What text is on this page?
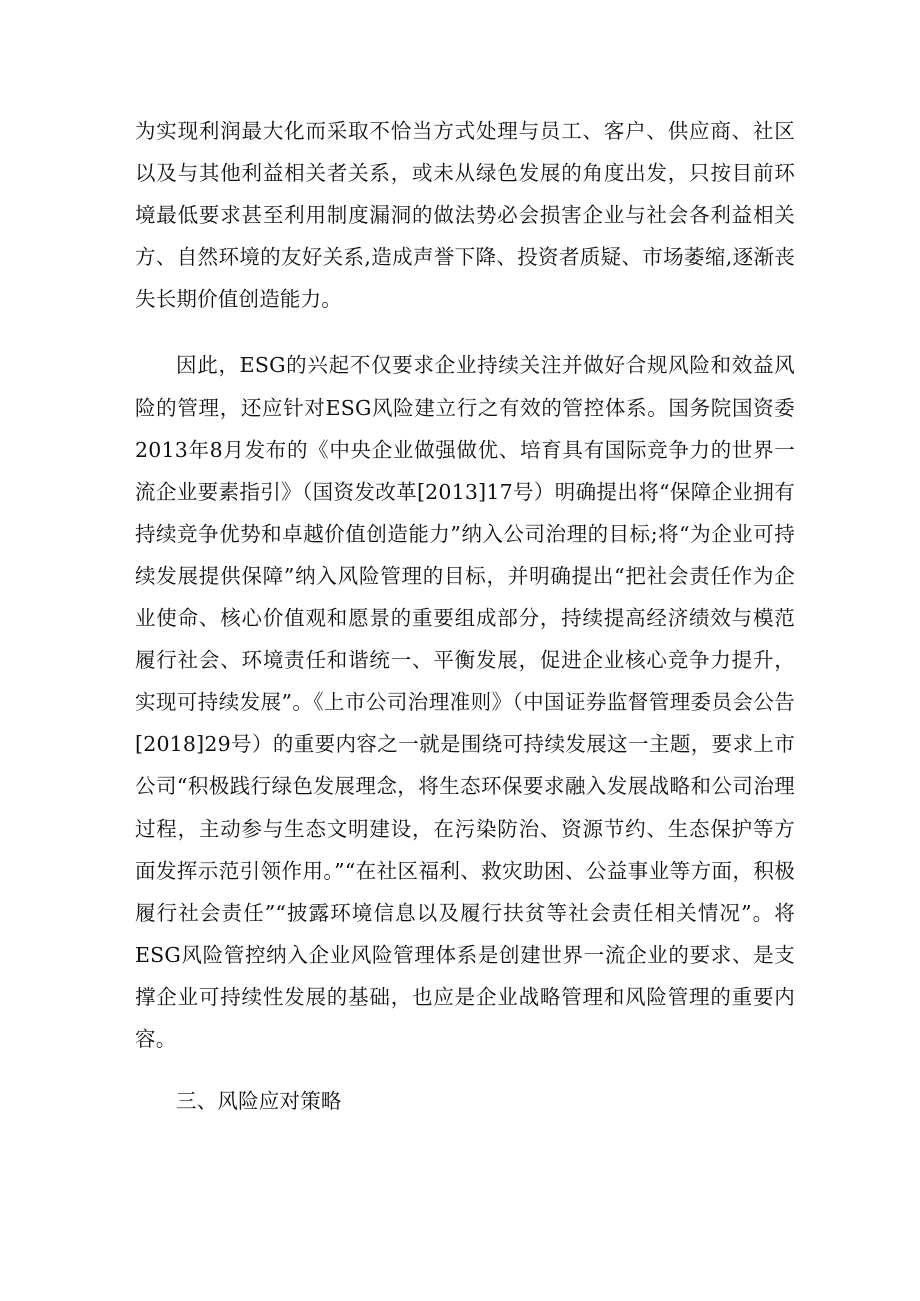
为实现利润最大化而采取不恰当方式处理与员工、客户、供应商、社区以及与其他利益相关者关系，或未从绿色发展的角度出发，只按目前环境最低要求甚至利用制度漏洞的做法势必会损害企业与社会各利益相关方、自然环境的友好关系,造成声誉下降、投资者质疑、市场萎缩,逐渐丧失长期价值创造能力。

因此，ESG的兴起不仅要求企业持续关注并做好合规风险和效益风险的管理，还应针对ESG风险建立行之有效的管控体系。国务院国资委2013年8月发布的《中央企业做强做优、培育具有国际竞争力的世界一流企业要素指引》（国资发改革[2013]17号）明确提出将“保障企业拥有持续竞争优势和卓越价值创造能力”纳入公司治理的目标;将“为企业可持续发展提供保障”纳入风险管理的目标，并明确提出“把社会责任作为企业使命、核心价值观和愿景的重要组成部分，持续提高经济绩效与模范履行社会、环境责任和谐统一、平衡发展，促进企业核心竞争力提升，实现可持续发展”。《上市公司治理准则》（中国证券监督管理委员会公告[2018]29号）的重要内容之一就是围绕可持续发展这一主题，要求上市公司“积极践行绿色发展理念，将生态环保要求融入发展战略和公司治理过程，主动参与生态文明建设，在污染防治、资源节约、生态保护等方面发挥示范引领作用。”“在社区福利、救灾助困、公益事业等方面，积极履行社会责任”“披露环境信息以及履行扶贫等社会责任相关情况”。将ESG风险管控纳入企业风险管理体系是创建世界一流企业的要求、是支撑企业可持续性发展的基础，也应是企业战略管理和风险管理的重要内容。

三、风险应对策略
